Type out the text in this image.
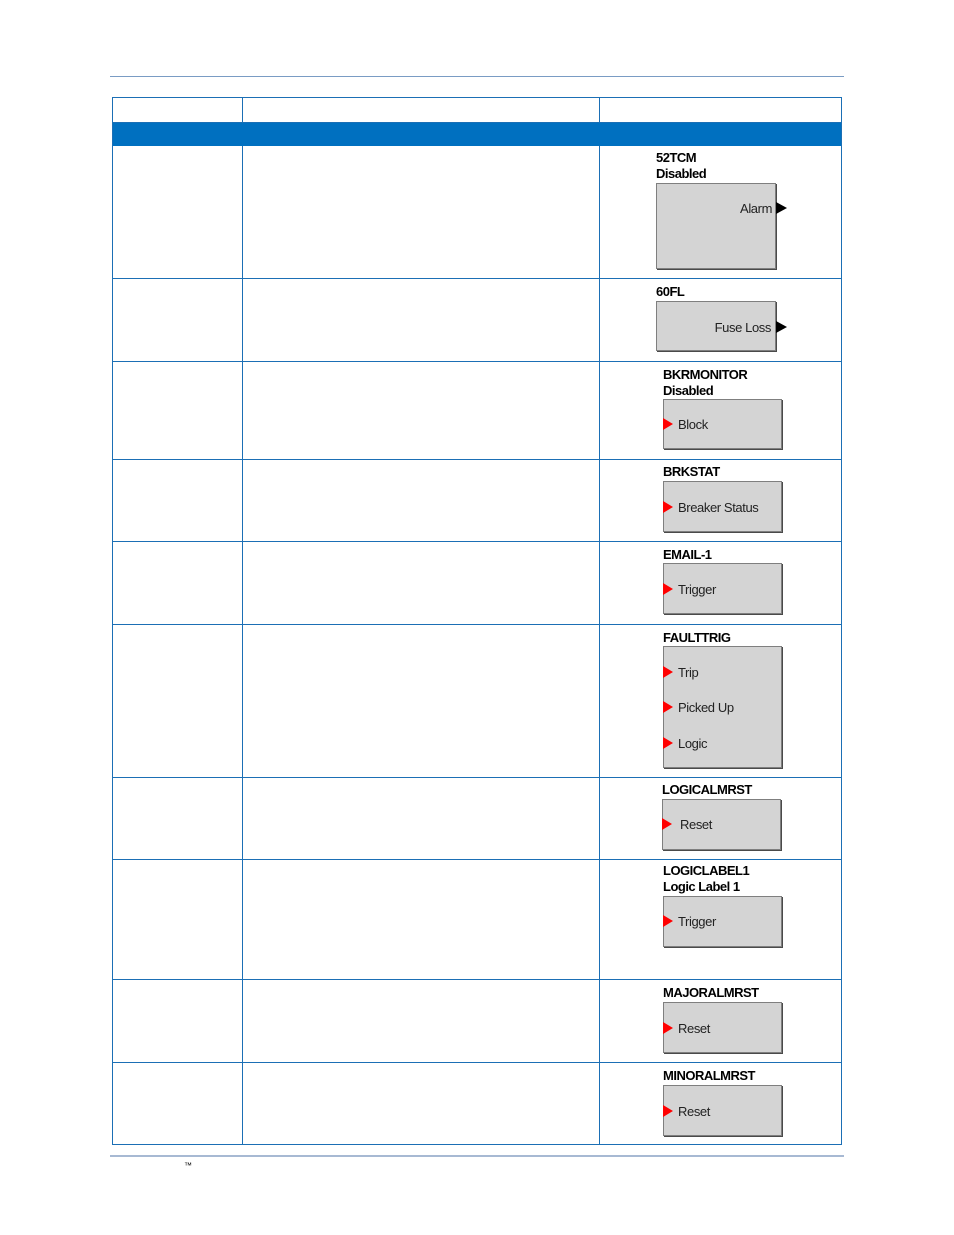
52TCM
Disabled
Alarm
60FL
Fuse Loss
BKRMONITOR
Disabled
Block
BRKSTAT
Breaker Status
EMAIL-1
Trigger
FAULTTRIG
Trip
Picked Up
Logic
LOGICALMRST
Reset
LOGICLABEL1
Logic Label 1
Trigger
MAJORALMRST
Reset
MINORALMRST
Reset
™
